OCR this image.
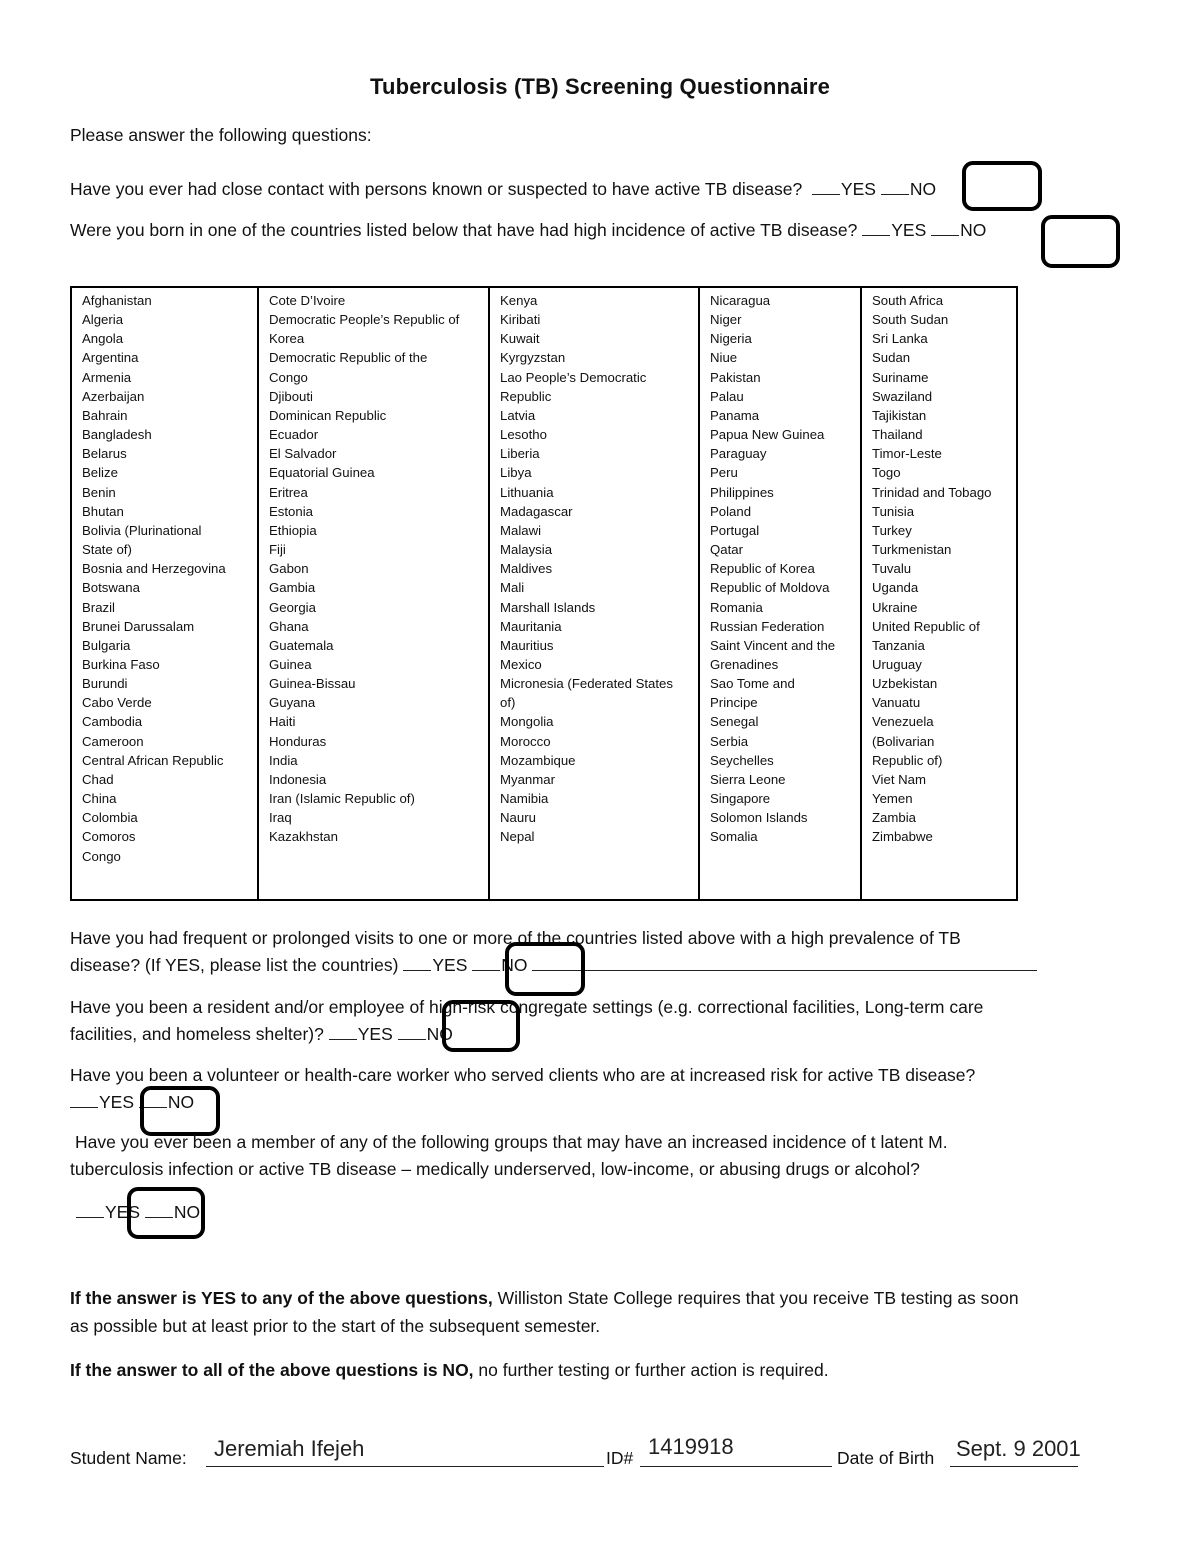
Tuberculosis (TB) Screening Questionnaire
Please answer the following questions:
Have you ever had close contact with persons known or suspected to have active TB disease? YES NO
Were you born in one of the countries listed below that have had high incidence of active TB disease? YES NO
Afghanistan
Algeria
Angola
Argentina
Armenia
Azerbaijan
Bahrain
Bangladesh
Belarus
Belize
Benin
Bhutan
Bolivia (Plurinational
State of)
Bosnia and Herzegovina
Botswana
Brazil
Brunei Darussalam
Bulgaria
Burkina Faso
Burundi
Cabo Verde
Cambodia
Cameroon
Central African Republic
Chad
China
Colombia
Comoros
Congo

Cote D’Ivoire
Democratic People’s Republic of
Korea
Democratic Republic of the
Congo
Djibouti
Dominican Republic
Ecuador
El Salvador
Equatorial Guinea
Eritrea
Estonia
Ethiopia
Fiji
Gabon
Gambia
Georgia
Ghana
Guatemala
Guinea
Guinea-Bissau
Guyana
Haiti
Honduras
India
Indonesia
Iran (Islamic Republic of)
Iraq
Kazakhstan

Kenya
Kiribati
Kuwait
Kyrgyzstan
Lao People’s Democratic
Republic
Latvia
Lesotho
Liberia
Libya
Lithuania
Madagascar
Malawi
Malaysia
Maldives
Mali
Marshall Islands
Mauritania
Mauritius
Mexico
Micronesia (Federated States
of)
Mongolia
Morocco
Mozambique
Myanmar
Namibia
Nauru
Nepal

Nicaragua
Niger
Nigeria
Niue
Pakistan
Palau
Panama
Papua New Guinea
Paraguay
Peru
Philippines
Poland
Portugal
Qatar
Republic of Korea
Republic of Moldova
Romania
Russian Federation
Saint Vincent and the
Grenadines
Sao Tome and
Principe
Senegal
Serbia
Seychelles
Sierra Leone
Singapore
Solomon Islands
Somalia

South Africa
South Sudan
Sri Lanka
Sudan
Suriname
Swaziland
Tajikistan
Thailand
Timor-Leste
Togo
Trinidad and Tobago
Tunisia
Turkey
Turkmenistan
Tuvalu
Uganda
Ukraine
United Republic of
Tanzania
Uruguay
Uzbekistan
Vanuatu
Venezuela
(Bolivarian
Republic of)
Viet Nam
Yemen
Zambia
Zimbabwe
Have you had frequent or prolonged visits to one or more of the countries listed above with a high prevalence of TB
disease? (If YES, please list the countries) YES NO
Have you been a resident and/or employee of high-risk congregate settings (e.g. correctional facilities, Long-term care
facilities, and homeless shelter)? YES NO
Have you been a volunteer or health-care worker who served clients who are at increased risk for active TB disease?
YES NO
Have you ever been a member of any of the following groups that may have an increased incidence of t latent M.
tuberculosis infection or active TB disease – medically underserved, low-income, or abusing drugs or alcohol?
YES NO
If the answer is YES to any of the above questions, Williston State College requires that you receive TB testing as soon
as possible but at least prior to the start of the subsequent semester.
If the answer to all of the above questions is NO, no further testing or further action is required.
Student Name: Jeremiah Ifejeh	ID# 1419918	Date of Birth Sept. 9 2001
